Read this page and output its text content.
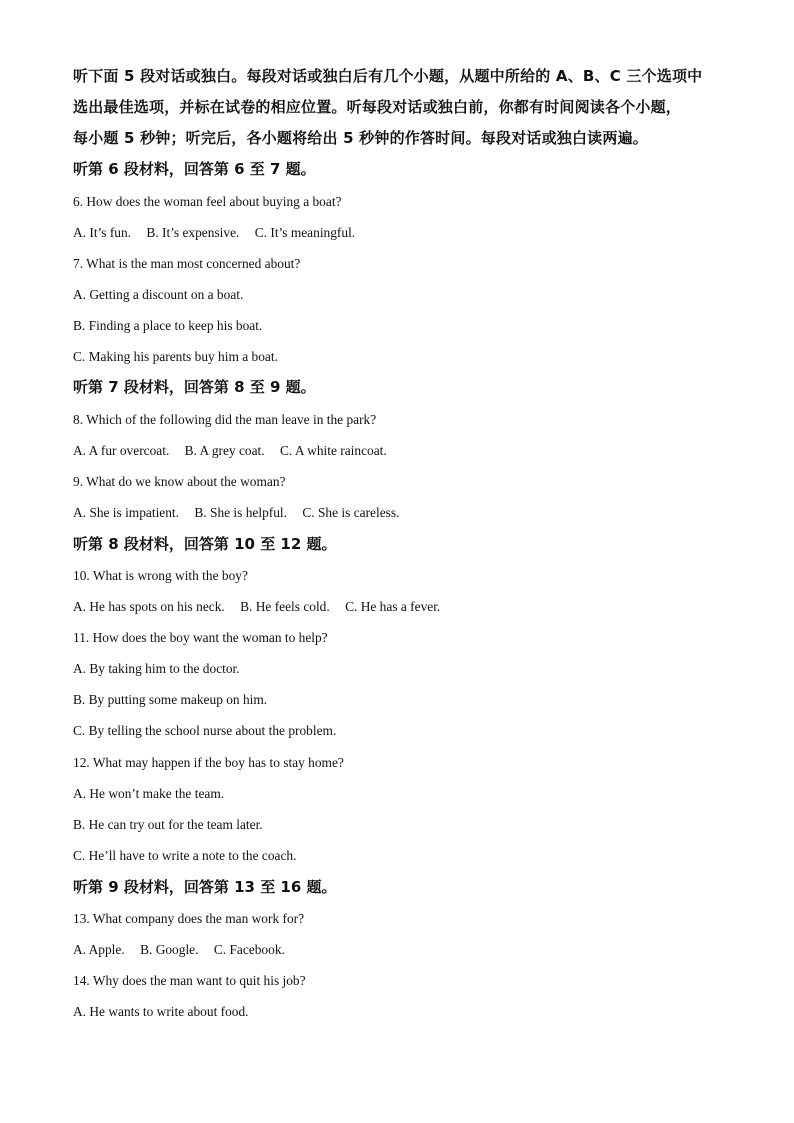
听下面 5 段对话或独白。每段对话或独白后有几个小题，从题中所给的 A、B、C 三个选项中
选出最佳选项，并标在试卷的相应位置。听每段对话或独白前，你都有时间阅读各个小题，
每小题 5 秒钟；听完后，各小题将给出 5 秒钟的作答时间。每段对话或独白读两遍。
听第 6 段材料，回答第 6 至 7 题。
6. How does the woman feel about buying a boat?
A. It’s fun. B. It’s expensive. C. It’s meaningful.
7. What is the man most concerned about?
A. Getting a discount on a boat.
B. Finding a place to keep his boat.
C. Making his parents buy him a boat.
听第 7 段材料，回答第 8 至 9 题。
8. Which of the following did the man leave in the park?
A. A fur overcoat. B. A grey coat. C. A white raincoat.
9. What do we know about the woman?
A. She is impatient. B. She is helpful. C. She is careless.
听第 8 段材料，回答第 10 至 12 题。
10. What is wrong with the boy?
A. He has spots on his neck. B. He feels cold. C. He has a fever.
11. How does the boy want the woman to help?
A. By taking him to the doctor.
B. By putting some makeup on him.
C. By telling the school nurse about the problem.
12. What may happen if the boy has to stay home?
A. He won’t make the team.
B. He can try out for the team later.
C. He’ll have to write a note to the coach.
听第 9 段材料，回答第 13 至 16 题。
13. What company does the man work for?
A. Apple. B. Google. C. Facebook.
14. Why does the man want to quit his job?
A. He wants to write about food.
